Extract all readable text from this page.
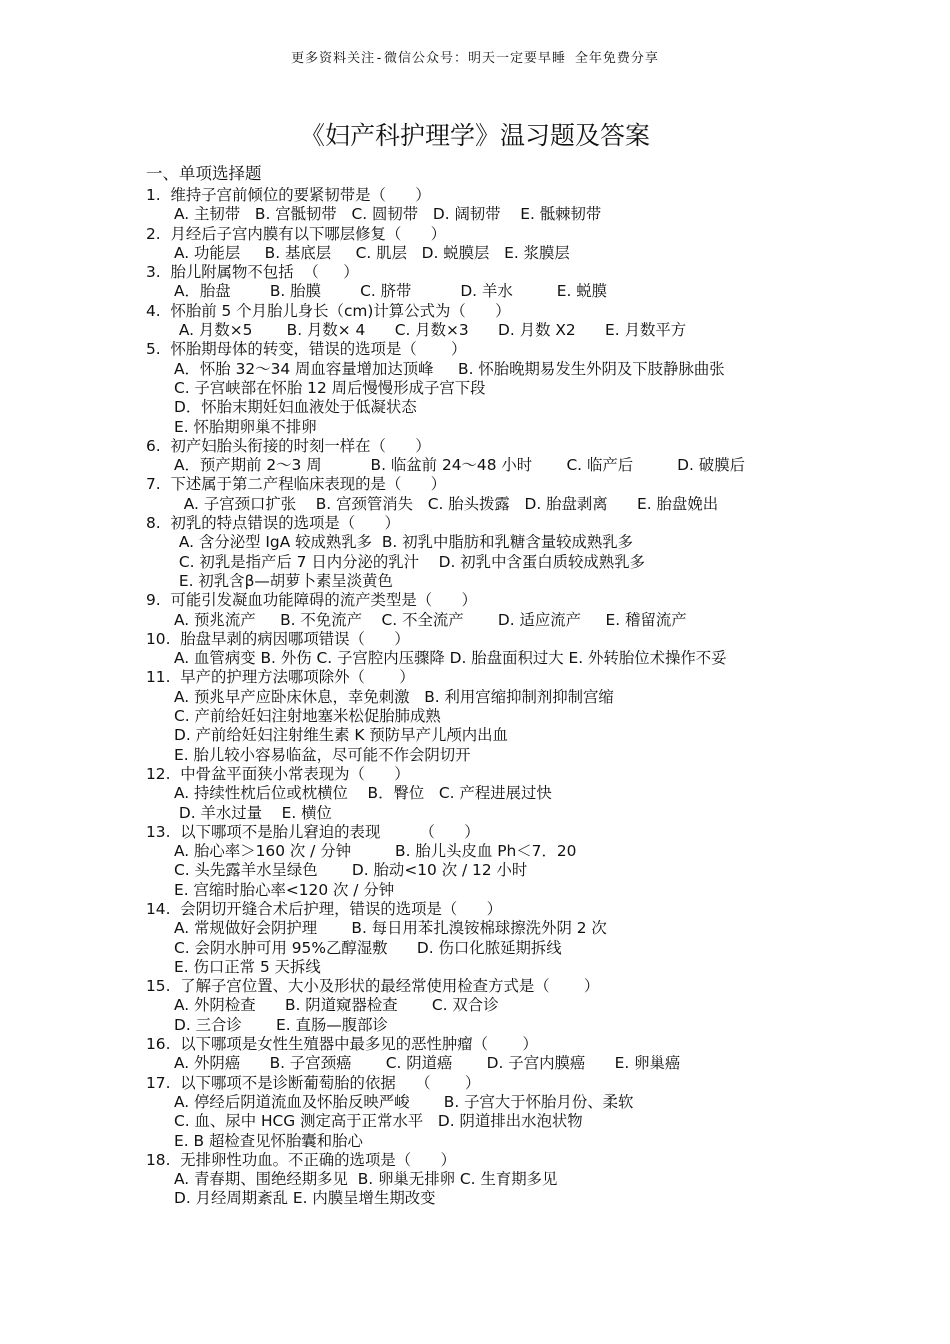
更多资料关注-微信公众号：明天一定要早睡 全年免费分享
《妇产科护理学》温习题及答案
一、单项选择题
1.  维持子宫前倾位的要紧韧带是（      ）
A. 主韧带   B. 宫骶韧带   C. 圆韧带   D. 阔韧带    E. 骶棘韧带
2.  月经后子宫内膜有以下哪层修复（      ）
A. 功能层     B. 基底层     C. 肌层   D. 蜕膜层   E. 浆膜层
3.  胎儿附属物不包括  （     ）
A．胎盘        B. 胎膜        C. 脐带          D. 羊水         E. 蜕膜
4.  怀胎前 5 个月胎儿身长（cm)计算公式为（      ）
A. 月数×5       B. 月数× 4      C. 月数×3      D. 月数 X2      E. 月数平方
5.  怀胎期母体的转变，错误的选项是（       ）
A．怀胎 32～34 周血容量增加达顶峰     B. 怀胎晚期易发生外阴及下肢静脉曲张
C. 子宫峡部在怀胎 12 周后慢慢形成子宫下段
D．怀胎末期妊妇血液处于低凝状态
E. 怀胎期卵巢不排卵
6.  初产妇胎头衔接的时刻一样在（      ）
A．预产期前 2～3 周          B. 临盆前 24～48 小时       C. 临产后         D. 破膜后
7.  下述属于第二产程临床表现的是（      ）
A. 子宫颈口扩张    B. 宫颈管消失   C. 胎头拨露   D. 胎盘剥离      E. 胎盘娩出
8.  初乳的特点错误的选项是（      ）
A. 含分泌型 IgA 较成熟乳多  B. 初乳中脂肪和乳糖含量较成熟乳多
C. 初乳是指产后 7 日内分泌的乳汁    D. 初乳中含蛋白质较成熟乳多
E. 初乳含β—胡萝卜素呈淡黄色
9.  可能引发凝血功能障碍的流产类型是（      ）
A. 预兆流产     B. 不免流产    C. 不全流产       D. 适应流产     E. 稽留流产
10.  胎盘早剥的病因哪项错误（      ）
A. 血管病变 B. 外伤 C. 子宫腔内压骤降 D. 胎盘面积过大 E. 外转胎位术操作不妥
11.  早产的护理方法哪项除外（       ）
A. 预兆早产应卧床休息，幸免刺激   B. 利用宫缩抑制剂抑制宫缩
C. 产前给妊妇注射地塞米松促胎肺成熟
D. 产前给妊妇注射维生素 K 预防早产儿颅内出血
E. 胎儿较小容易临盆，尽可能不作会阴切开
12.  中骨盆平面狭小常表现为（      ）
A. 持续性枕后位或枕横位    B．臀位   C. 产程进展过快
D. 羊水过量    E. 横位
13.  以下哪项不是胎儿窘迫的表现        （      ）
A. 胎心率＞160 次 / 分钟         B. 胎儿头皮血 Ph＜7．20
C. 头先露羊水呈绿色       D. 胎动<10 次 / 12 小时
E. 宫缩时胎心率<120 次 / 分钟
14.  会阴切开缝合术后护理，错误的选项是（      ）
A. 常规做好会阴护理       B. 每日用苯扎溴铵棉球擦洗外阴 2 次
C. 会阴水肿可用 95%乙醇湿敷      D. 伤口化脓延期拆线
E. 伤口正常 5 天拆线
15.  了解子宫位置、大小及形状的最经常使用检查方式是（       ）
A. 外阴检查      B. 阴道窥器检查       C. 双合诊
D. 三合诊       E. 直肠—腹部诊
16.  以下哪项是女性生殖器中最多见的恶性肿瘤（       ）
A. 外阴癌      B. 子宫颈癌       C. 阴道癌       D. 子宫内膜癌      E. 卵巢癌
17.  以下哪项不是诊断葡萄胎的依据    （       ）
A. 停经后阴道流血及怀胎反映严峻       B. 子宫大于怀胎月份、柔软
C. 血、尿中 HCG 测定高于正常水平   D. 阴道排出水泡状物
E. B 超检查见怀胎囊和胎心
18.  无排卵性功血。不正确的选项是（      ）
A. 青春期、围绝经期多见  B. 卵巢无排卵 C. 生育期多见
D. 月经周期紊乱 E. 内膜呈增生期改变
